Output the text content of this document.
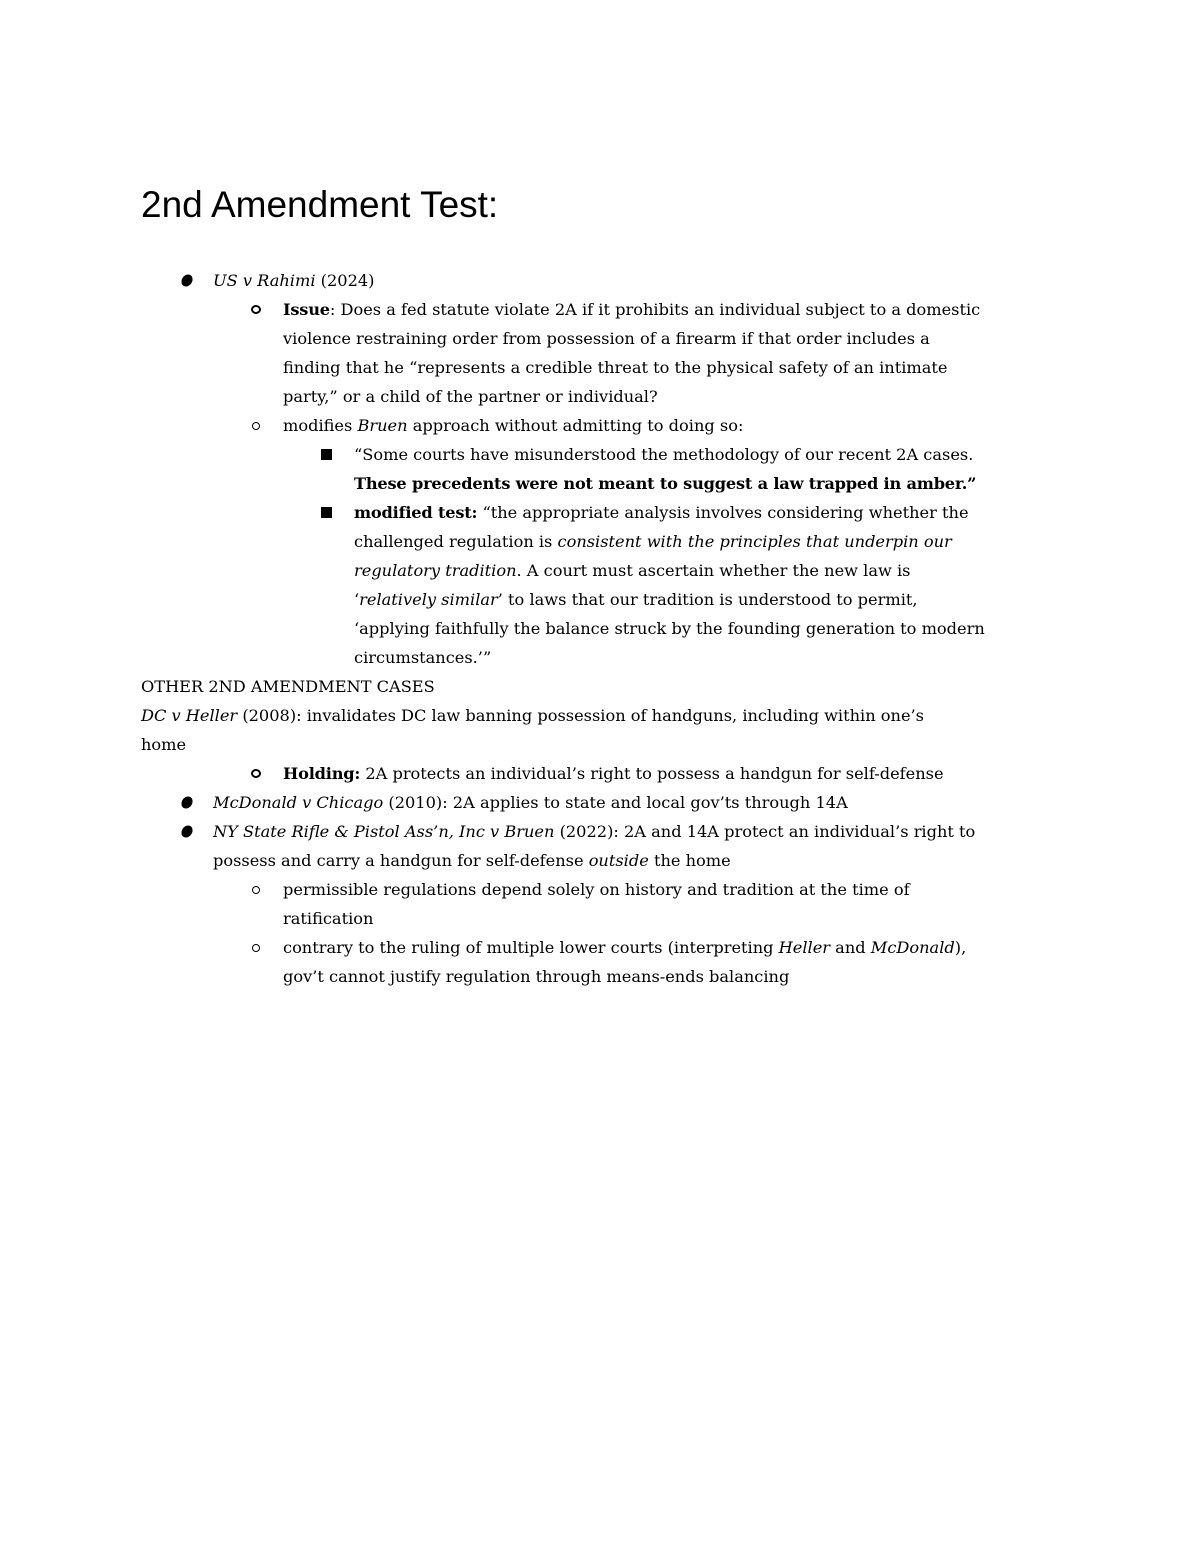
2nd Amendment Test:
US v Rahimi (2024)
Issue: Does a fed statute violate 2A if it prohibits an individual subject to a domestic
violence restraining order from possession of a firearm if that order includes a
finding that he “represents a credible threat to the physical safety of an intimate
party,” or a child of the partner or individual?
modifies Bruen approach without admitting to doing so:
“Some courts have misunderstood the methodology of our recent 2A cases.
These precedents were not meant to suggest a law trapped in amber.”
modified test: “the appropriate analysis involves considering whether the
challenged regulation is consistent with the principles that underpin our
regulatory tradition. A court must ascertain whether the new law is
‘relatively similar’ to laws that our tradition is understood to permit,
‘applying faithfully the balance struck by the founding generation to modern
circumstances.’”
OTHER 2ND AMENDMENT CASES
DC v Heller (2008): invalidates DC law banning possession of handguns, including within one’s
home
Holding: 2A protects an individual’s right to possess a handgun for self-defense
McDonald v Chicago (2010): 2A applies to state and local gov’ts through 14A
NY State Rifle & Pistol Ass’n, Inc v Bruen (2022): 2A and 14A protect an individual’s right to
possess and carry a handgun for self-defense outside the home
permissible regulations depend solely on history and tradition at the time of
ratification
contrary to the ruling of multiple lower courts (interpreting Heller and McDonald),
gov’t cannot justify regulation through means-ends balancing
